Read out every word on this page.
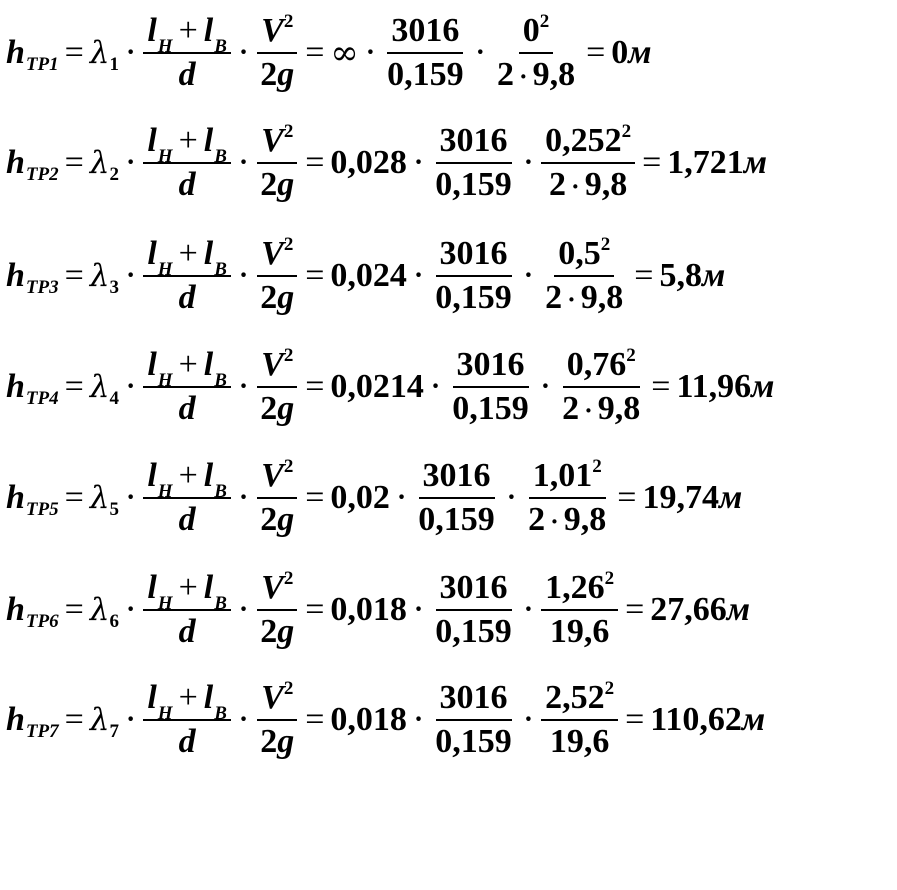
h ТР1 = λ $1 \cdot \frac{l_Н + l_В}{d} \cdot \frac{V^2}{2g}$ = ∞ · $\frac{3016}{0,159} \cdot \frac{0^2}{2 \cdot 9,8} = 0$ м
h ТР2 = λ $2 \cdot \frac{l_Н + l_В}{d} \cdot \frac{V^2}{2g} = 0,028 \cdot \frac{3016}{0,159} \cdot \frac{0,252^2}{2 \cdot 9,8} = 1,721$ м
h ТР3 = λ $3 \cdot \frac{l_Н + l_В}{d} \cdot \frac{V^2}{2g} = 0,024 \cdot \frac{3016}{0,159} \cdot \frac{0,5^2}{2 \cdot 9,8} = 5,8$ м
h ТР4 = λ $4 \cdot \frac{l_Н + l_В}{d} \cdot \frac{V^2}{2g} = 0,0214 \cdot \frac{3016}{0,159} \cdot \frac{0,76^2}{2 \cdot 9,8} = 11,96$ м
h ТР5 = λ $5 \cdot \frac{l_Н + l_В}{d} \cdot \frac{V^2}{2g} = 0,02 \cdot \frac{3016}{0,159} \cdot \frac{1,01^2}{2 \cdot 9,8} = 19,74$ м
h ТР6 = λ $6 \cdot \frac{l_Н + l_В}{d} \cdot \frac{V^2}{2g} = 0,018 \cdot \frac{3016}{0,159} \cdot \frac{1,26^2}{19,6} = 27,66$ м
h ТР7 = λ $7 \cdot \frac{l_Н + l_В}{d} \cdot \frac{V^2}{2g} = 0,018 \cdot \frac{3016}{0,159} \cdot \frac{2,52^2}{19,6} = 110,62$ м
